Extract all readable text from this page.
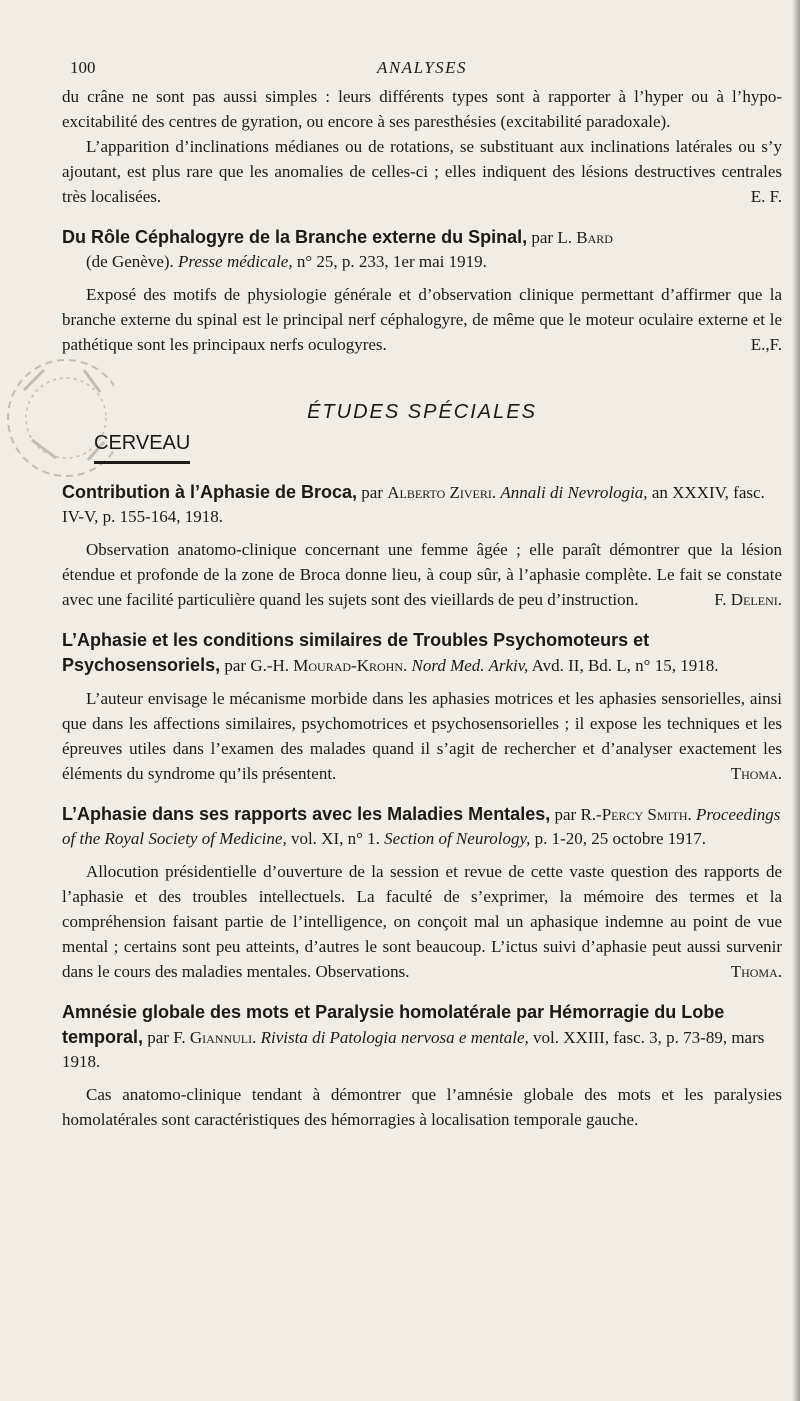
100	ANALYSES

du crâne ne sont pas aussi simples : leurs différents types sont à rapporter à l’hyper ou à l’hypo-excitabilité des centres de gyration, ou encore à ses paresthésies (excitabilité paradoxale).

L’apparition d’inclinations médianes ou de rotations, se substituant aux inclinations latérales ou s’y ajoutant, est plus rare que les anomalies de celles-ci ; elles indiquent des lésions destructives centrales très localisées.	E. F.

Du Rôle Céphalogyre de la Branche externe du Spinal, par L. Bard
(de Genève). Presse médicale, n° 25, p. 233, 1er mai 1919.

Exposé des motifs de physiologie générale et d’observation clinique permettant d’affirmer que la branche externe du spinal est le principal nerf céphalogyre, de même que le moteur oculaire externe et le pathétique sont les principaux nerfs oculogyres.	E.,F.

ÉTUDES SPÉCIALES
CERVEAU
Contribution à l’Aphasie de Broca, par Alberto Ziveri. Annali di Nevrologia, an XXXIV, fasc. IV-V, p. 155-164, 1918.

Observation anatomo-clinique concernant une femme âgée ; elle paraît démontrer que la lésion étendue et profonde de la zone de Broca donne lieu, à coup sûr, à l’aphasie complète. Le fait se constate avec une facilité particulière quand les sujets sont des vieillards de peu d’instruction.	F. Deleni.

L’Aphasie et les conditions similaires de Troubles Psychomoteurs et Psychosensoriels, par G.-H. Mourad-Krohn. Nord Med. Arkiv, Avd. II, Bd. L, n° 15, 1918.

L’auteur envisage le mécanisme morbide dans les aphasies motrices et les aphasies sensorielles, ainsi que dans les affections similaires, psychomotrices et psychosensorielles ; il expose les techniques et les épreuves utiles dans l’examen des malades quand il s’agit de rechercher et d’analyser exactement les éléments du syndrome qu’ils présentent.	Thoma.

L’Aphasie dans ses rapports avec les Maladies Mentales, par R.-Percy Smith. Proceedings of the Royal Society of Medicine, vol. XI, n° 1. Section of Neurology, p. 1-20, 25 octobre 1917.

Allocution présidentielle d’ouverture de la session et revue de cette vaste question des rapports de l’aphasie et des troubles intellectuels. La faculté de s’exprimer, la mémoire des termes et la compréhension faisant partie de l’intelligence, on conçoit mal un aphasique indemne au point de vue mental ; certains sont peu atteints, d’autres le sont beaucoup. L’ictus suivi d’aphasie peut aussi survenir dans le cours des maladies mentales. Observations.	Thoma.

Amnésie globale des mots et Paralysie homolatérale par Hémorragie du Lobe temporal, par F. Giannuli. Rivista di Patologia nervosa e mentale, vol. XXIII, fasc. 3, p. 73-89, mars 1918.

Cas anatomo-clinique tendant à démontrer que l’amnésie globale des mots et les paralysies homolatérales sont caractéristiques des hémorragies à localisation temporale gauche.
